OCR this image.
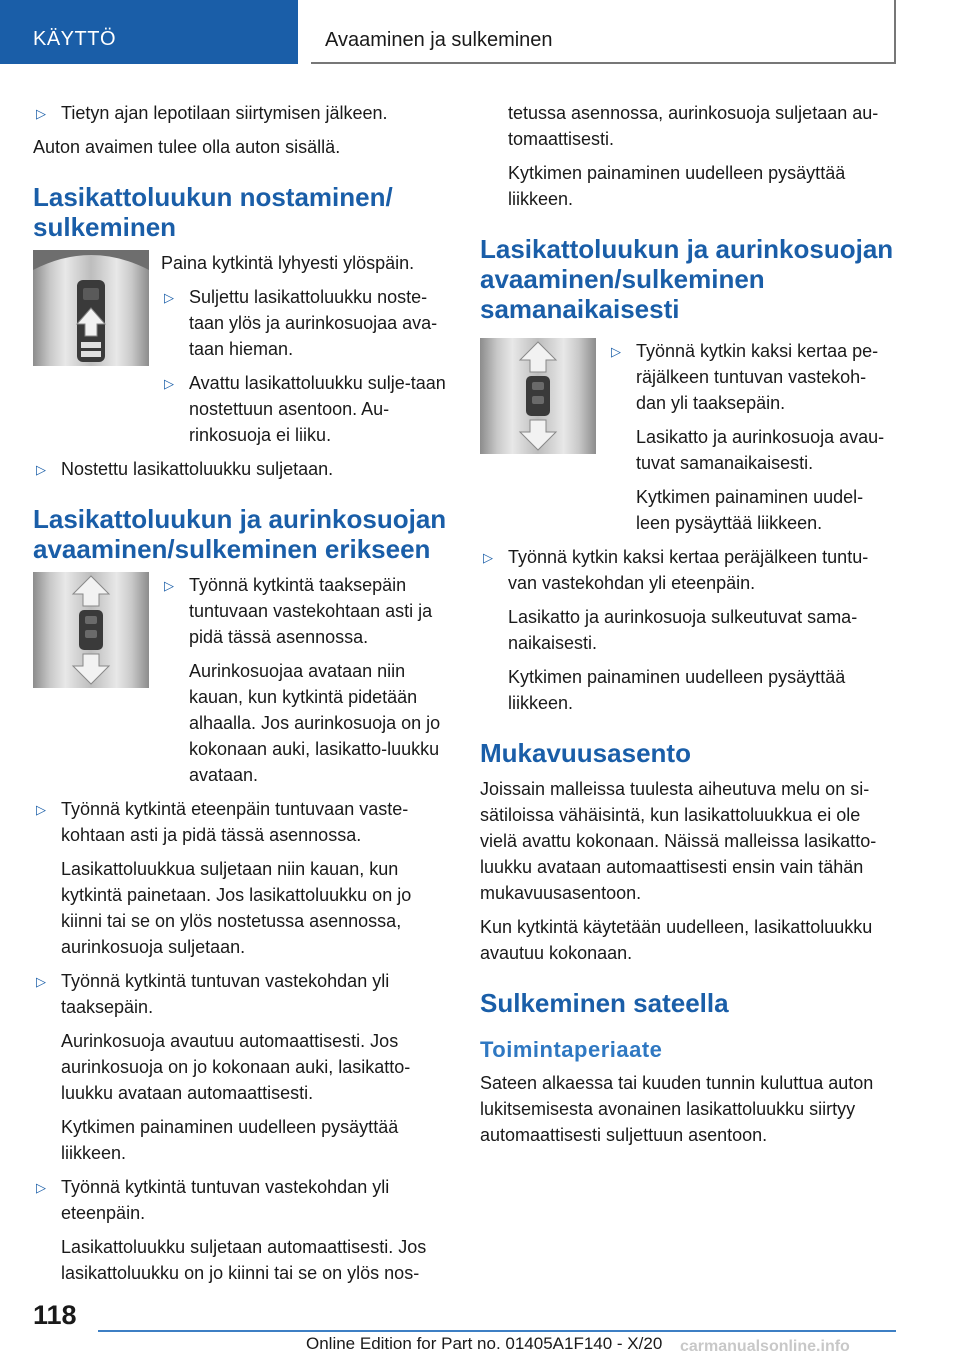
KÄYTTÖ	Avaaminen ja sulkeminen
▷ Tietyn ajan lepotilaan siirtymisen jälkeen.

Auton avaimen tulee olla auton sisällä.

Lasikattoluukun nostaminen/ sulkeminen

Paina kytkintä lyhyesti ylöspäin.

▷ Suljettu lasikattoluukku noste-taan ylös ja aurinkosuojaa ava-taan hieman.
▷ Avattu lasikattoluukku sulje-taan nostettuun asentoon. Au-rinkosuoja ei liiku.
▷ Nostettu lasikattoluukku suljetaan.
Lasikattoluukun ja aurinkosuojan avaaminen/sulkeminen erikseen
▷ Työnnä kytkintä taaksepäin tuntuvaan vastekohtaan asti ja pidä tässä asennossa.
Aurinkosuojaa avataan niin kauan, kun kytkintä pidetään alhaalla. Jos aurinkosuoja on jo kokonaan auki, lasikatto-luukku avataan.
▷ Työnnä kytkintä eteenpäin tuntuvaan vaste-kohtaan asti ja pidä tässä asennossa.
Lasikattoluukkua suljetaan niin kauan, kun kytkintä painetaan. Jos lasikattoluukku on jo kiinni tai se on ylös nostetussa asennossa, aurinkosuoja suljetaan.
▷ Työnnä kytkintä tuntuvan vastekohdan yli taaksepäin.
Aurinkosuoja avautuu automaattisesti. Jos aurinkosuoja on jo kokonaan auki, lasikatto-luukku avataan automaattisesti.
Kytkimen painaminen uudelleen pysäyttää liikkeen.
▷ Työnnä kytkintä tuntuvan vastekohdan yli eteenpäin.
Lasikattoluukku suljetaan automaattisesti. Jos lasikattoluukku on jo kiinni tai se on ylös nos-

tetussa asennossa, aurinkosuoja suljetaan au-tomaattisesti.

Kytkimen painaminen uudelleen pysäyttää liikkeen.

Lasikattoluukun ja aurinkosuojan avaaminen/sulkeminen samanaikaisesti
▷ Työnnä kytkin kaksi kertaa pe-räjälkeen tuntuvan vastekoh-dan yli taaksepäin.
Lasikatto ja aurinkosuoja avau-tuvat samanaikaisesti.
Kytkimen painaminen uudel-leen pysäyttää liikkeen.
▷ Työnnä kytkin kaksi kertaa peräjälkeen tuntu-van vastekohdan yli eteenpäin.
Lasikatto ja aurinkosuoja sulkeutuvat sama-naikaisesti.
Kytkimen painaminen uudelleen pysäyttää liikkeen.
Mukavuusasento

Joissain malleissa tuulesta aiheutuva melu on si-sätiloissa vähäisintä, kun lasikattoluukkua ei ole vielä avattu kokonaan. Näissä malleissa lasikatto-luukku avataan automaattisesti ensin vain tähän mukavuusasentoon.

Kun kytkintä käytetään uudelleen, lasikattoluukku avautuu kokonaan.

Sulkeminen sateella
Toimintaperiaate

Sateen alkaessa tai kuuden tunnin kuluttua auton lukitsemisesta avonainen lasikattoluukku siirtyy automaattisesti suljettuun asentoon.

118
Online Edition for Part no. 01405A1F140 - X/20 carmanualsonline.info
